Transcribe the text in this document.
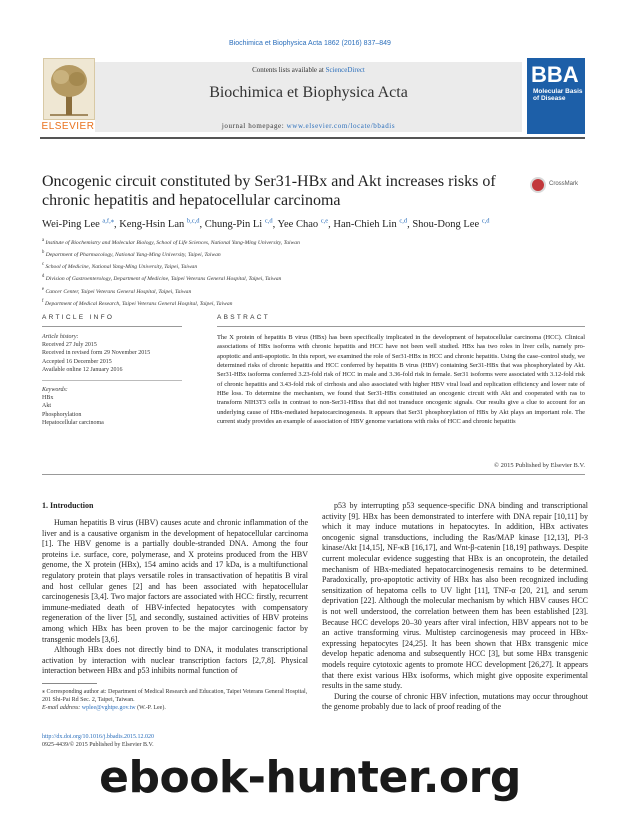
Biochimica et Biophysica Acta 1862 (2016) 837–849
Contents lists available at ScienceDirect
Biochimica et Biophysica Acta
journal homepage: www.elsevier.com/locate/bbadis
ELSEVIER
BBA
Molecular Basis of Disease
Oncogenic circuit constituted by Ser31-HBx and Akt increases risks of chronic hepatitis and hepatocellular carcinoma
CrossMark
Wei-Ping Lee $^{a,f,⁎}$, Keng-Hsin Lan $^{b,c,d}$, Chung-Pin Li $^{c,d}$, Yee Chao $^{c,e}$, Han-Chieh Lin $^{c,d}$, Shou-Dong Lee $^{c,d}$
$^a$ Institute of Biochemistry and Molecular Biology, School of Life Sciences, National Yang-Ming University, Taiwan
$^b$ Department of Pharmacology, National Yang-Ming University, Taipei, Taiwan
$^c$ School of Medicine, National Yang-Ming University, Taipei, Taiwan
$^d$ Division of Gastroenterology, Department of Medicine, Taipei Veterans General Hospital, Taipei, Taiwan
$^e$ Cancer Center, Taipei Veterans General Hospital, Taipei, Taiwan
$^f$ Department of Medical Research, Taipei Veterans General Hospital, Taipei, Taiwan
ARTICLE INFO	ABSTRACT
Article history:
Received 27 July 2015
Received in revised form 29 November 2015
Accepted 16 December 2015
Available online 12 January 2016
Keywords:
HBx
Akt
Phosphorylation
Hepatocellular carcinoma
The X protein of hepatitis B virus (HBx) has been specifically implicated in the development of hepatocellular carcinoma (HCC). Clinical associations of HBx isoforms with chronic hepatitis and HCC have not been well studied. HBx has two roles in liver cells, namely pro-apoptotic and anti-apoptotic. In this report, we examined the role of Ser31-HBx in HCC and chronic hepatitis. Using the case–control study, we determined risks of chronic hepatitis and HCC conferred by hepatitis B virus (HBV) containing Ser31-HBx that was phosphorylated by Akt. Ser31-HBx isoforms conferred 3.23-fold risk of HCC in male and 3.36-fold risk in female. Ser31 isoforms were associated with 3.12-fold risk of chronic hepatitis and 3.43-fold risk of cirrhosis and also associated with higher HBV viral load and replication efficiency and lower rate of HBe loss. To determine the mechanism, we found that Ser31-HBx constituted an oncogenic circuit with Akt and cooperated with ras to transform NIH3T3 cells in contrast to non-Ser31-HBxs that did not transduce oncogenic signals. Our results give a clue to account for an underlying cause of HBx-mediated hepatocarcinogenesis. It appears that Ser31 phosphorylation of HBx by Akt plays an important role. The current study provides an example of association of HBV genome variations with risks of HCC and chronic hepatitis
© 2015 Published by Elsevier B.V.
1. Introduction

Human hepatitis B virus (HBV) causes acute and chronic inflammation of the liver and is a causative organism in the development of hepatocellular carcinoma [1]. The HBV genome is a partially double-stranded DNA. Among the four proteins i.e. surface, core, polymerase, and X proteins produced from the HBV genome, the X protein (HBx), 154 amino acids and 17 kDa, is a multifunctional regulatory protein that plays versatile roles in transactivation of hepatitis B viral and host cellular genes [2] and has been associated with hepatocellular carcinogenesis [3,4]. Two major factors are associated with HCC: firstly, recurrent immune-mediated death of HBV-infected hepatocytes with compensatory regeneration of the liver [5], and secondly, sustained activities of HBV proteins among which HBx has been proven to be the major carcinogenic factor by transgenic models [3,6].

Although HBx does not directly bind to DNA, it modulates transcriptional activation by interaction with nuclear transcription factors [2,7,8]. Physical interaction between HBx and p53 inhibits normal function of

p53 by interrupting p53 sequence-specific DNA binding and transcriptional activity [9]. HBx has been demonstrated to interfere with DNA repair [10,11] by which it may induce mutations in hepatocytes. In addition, HBx activates oncogenic signal transductions, including the Ras/MAP kinase [12,13], PI-3 kinase/Akt [14,15], NF-κB [16,17], and Wnt-β-catenin [18,19] pathways. Despite current molecular evidence suggesting that HBx is an oncoprotein, the detailed mechanism of HBx-mediated hepatocarcinogenesis remains to be determined. Paradoxically, pro-apoptotic activity of HBx has also been recognized including sensitization of hepatoma cells to UV light [11], TNF-α [20, 21], and serum deprivation [22]. Although the molecular mechanism by which HBV causes HCC is not well understood, the correlation between them has been established [23]. Because HCC develops 20–30 years after viral infection, HBV appears not to be an active transforming virus. Multistep carcinogenesis may proceed in HBx-expressing hepatocytes [24,25]. It has been shown that HBx transgenic mice develop hepatic adenoma and subsequently HCC [3], but some HBx transgenic models require cytotoxic agents to promote HCC development [26,27]. It appears that there exist various HBx isoforms, which might give opposite experimental results in the same study.

During the course of chronic HBV infection, mutations may occur throughout the genome probably due to lack of proof reading of the

⁎ Corresponding author at: Department of Medical Research and Education, Taipei Veterans General Hospital, 201 Shi-Pai Rd Sec. 2, Taipei, Taiwan.
E-mail address: wplee@vghtpe.gov.tw (W.-P. Lee).
http://dx.doi.org/10.1016/j.bbadis.2015.12.020
0925-4439/© 2015 Published by Elsevier B.V.
ebook-hunter.org
